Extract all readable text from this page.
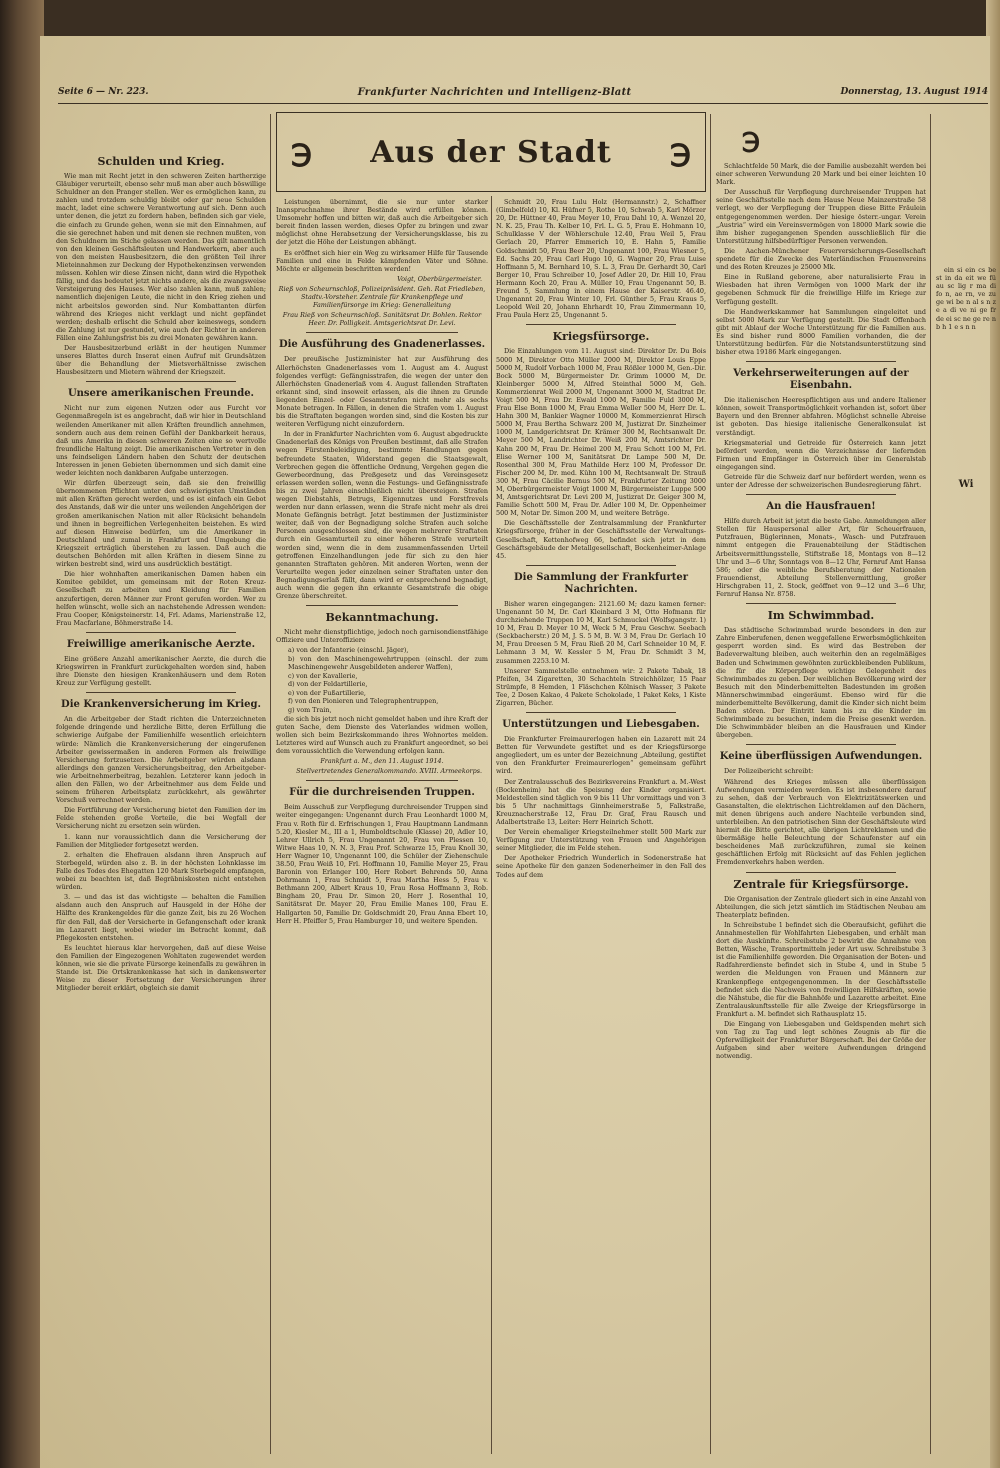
Seite 6 — Nr. 223.	Frankfurter Nachrichten und Intelligenz-Blatt	Donnerstag, 13. August 1914
℈ Aus der Stadt ℈
Schulden und Krieg.

Wie man mit Recht jetzt in den schweren Zeiten hartherzige Gläubiger verurteilt, ebenso sehr muß man aber auch böswillige Schuldner an den Pranger stellen. Wer es ermöglichen kann, zu zahlen und trotzdem schuldig bleibt oder gar neue Schulden macht, ladet eine schwere Verantwortung auf sich. Denn auch unter denen, die jetzt zu fordern haben, befinden sich gar viele, die einfach zu Grunde gehen, wenn sie mit den Einnahmen, auf die sie gerechnet haben und mit denen sie rechnen mußten, von den Schuldnern im Stiche gelassen werden. Das gilt namentlich von den kleinen Geschäftsleuten und Handwerkern, aber auch von den meisten Hausbesitzern, die den größten Teil ihrer Mieteinnahmen zur Deckung der Hypothekenzinsen verwenden müssen. Kohlen wir diese Zinsen nicht, dann wird die Hypothek fällig, und das bedeutet jetzt nichts andere, als die zwangsweise Versteigerung des Hauses. Wer also zahlen kann, muß zahlen; namentlich diejenigen Leute, die nicht in den Krieg ziehen und nicht arbeitslos geworden sind. Nur Kombattanten dürfen während des Krieges nicht verklagt und nicht gepfändet werden; deshalb erlischt die Schuld aber keineswegs, sondern die Zahlung ist nur gestundet, wie auch der Richter in anderen Fällen eine Zahlungsfrist bis zu drei Monaten gewähren kann.

Der Hausbesitzerbund erläßt in der heutigen Nummer unseres Blattes durch Inserat einen Aufruf mit Grundsätzen über die Behandlung der Mietsverhältnisse zwischen Hausbesitzern und Mietern während der Kriegszeit.

Unsere amerikanischen Freunde.

Nicht nur zum eigenen Nutzen oder aus Furcht vor Gegenmaßregeln ist es angebracht, daß wir hier in Deutschland weilenden Amerikaner mit allen Kräften freundlich annehmen, sondern auch aus dem reinen Gefühl der Dankbarkeit heraus, daß uns Amerika in diesen schweren Zeiten eine so wertvolle freundliche Haltung zeigt. Die amerikanischen Vertreter in den uns feindseligen Ländern haben den Schutz der deutschen Interessen in jenen Gebieten übernommen und sich damit eine weder leichten noch dankbaren Aufgabe unterzogen.

Wir dürfen überzeugt sein, daß sie den freiwillig übernommenen Pflichten unter den schwierigsten Umständen mit allen Kräften gerecht werden, und es ist einfach ein Gebot des Anstands, daß wir die unter uns weilenden Angehörigen der großen amerikanischen Nation mit aller Rücksicht behandeln und ihnen in begreiflichen Verlegenheiten beistehen. Es wird auf diesen Hinweise bedürfen, um die Amerikaner in Deutschland und zumal in Frankfurt und Umgebung die Kriegszeit erträglich überstehen zu lassen. Daß auch die deutschen Behörden mit allen Kräften in diesem Sinne zu wirken bestrebt sind, wird uns ausdrücklich bestätigt.

Die hier wohnhaften amerikanischen Damen haben ein Komitee gebildet, um gemeinsam mit der Roten Kreuz-Gesellschaft zu arbeiten und Kleidung für Familien anzufertigen, deren Männer zur Front gerufen worden. Wer zu helfen wünscht, wolle sich an nachstehende Adressen wenden: Frau Cooper, Königsteinerstr. 14, Frl. Adams, Marienstraße 12, Frau Macfarlane, Böhmerstraße 14.

Freiwillige amerikanische Aerzte.

Eine größere Anzahl amerikanischer Aerzte, die durch die Kriegswirren in Frankfurt zurückgehalten worden sind, haben ihre Dienste den hiesigen Krankenhäusern und dem Roten Kreuz zur Verfügung gestellt.

Die Krankenversicherung im Krieg.

An die Arbeitgeber der Stadt richten die Unterzeichneten folgende dringende und herzliche Bitte, deren Erfüllung die schwierige Aufgabe der Familienhilfe wesentlich erleichtern würde: Nämlich die Krankenversicherung der eingerufenen Arbeiter gewissermaßen in anderen Formen als freiwillige Versicherung fortzusetzen. Die Arbeitgeber würden alsdann allerdings den ganzen Versicherungsbeitrag, den Arbeitgeber- wie Arbeitnehmerbeitrag, bezahlen. Letzterer kann jedoch in allen den Fällen, wo der Arbeitnehmer aus dem Felde und seinem früheren Arbeitsplatz zurückkehrt, als gewährter Vorschuß verrechnet werden.

Die Fortführung der Versicherung bietet den Familien der im Felde stehenden große Vorteile, die bei Wegfall der Versicherung nicht zu ersetzen sein würden.

1. kann nur voraussichtlich dann die Versicherung der Familien der Mitglieder fortgesetzt werden.

2. erhalten die Ehefrauen alsdann ihren Anspruch auf Sterbegeld, würden also z. B. in der höchsten Lohnklasse im Falle des Todes des Ehegatten 120 Mark Sterbegeld empfangen, wobei zu beachten ist, daß Begräbniskosten nicht entstehen würden.

3. — und das ist das wichtigste — behalten die Familien alsdann auch den Anspruch auf Hausgeld in der Höhe der Hälfte des Krankengeldes für die ganze Zeit, bis zu 26 Wochen für den Fall, daß der Versicherte in Gefangenschaft oder krank im Lazarett liegt, wobei wieder im Betracht kommt, daß Pflegekosten entstehen.

Es leuchtet hieraus klar hervorgehen, daß auf diese Weise den Familien der Eingezogenen Wohltaten zugewendet werden können, wie sie die private Fürsorge keinenfalls zu gewähren in Stande ist. Die Ortskrankenkasse hat sich in dankenswerter Weise zu dieser Fortsetzung der Versicherungen ihrer Mitglieder bereit erklärt, obgleich sie damit

Leistungen übernimmt, die sie nur unter starker Inanspruchnahme ihrer Bestände wird erfüllen können. Umsomehr hoffen und bitten wir, daß auch die Arbeitgeber sich bereit finden lassen werden, dieses Opfer zu bringen und zwar möglichst ohne Herabsetzung der Versicherungsklasse, bis zu der jetzt die Höhe der Leistungen abhängt.

Es eröffnet sich hier ein Weg zu wirksamer Hilfe für Tausende Familien und eine in Felde kämpfenden Väter und Söhne. Möchte er allgemein beschritten werden!

Voigt, Oberbürgermeister.
Rieß von Scheurnschloß, Polizeipräsident. Geh. Rat Friedleben, Stadtv.-Vorsteher. Zentrale für Krankenpflege und Familienfürsorge im Krieg: Generalleitung
Frau Rieß von Scheurnschloß. Sanitätsrat Dr. Bohlen. Rektor Heer. Dr. Polligkeit. Amtsgerichtsrat Dr. Levi.
Die Ausführung des Gnadenerlasses.

Der preußische Justizminister hat zur Ausführung des Allerhöchsten Gnadenerlasses vom 1. August am 4. August folgendes verfügt: Gefängnisstrafen, die wegen der unter den Allerhöchsten Gnadenerlaß vom 4. August fallenden Straftaten erkannt sind, sind insoweit erlassen, als die ihnen zu Grunde liegenden Einzel- oder Gesamtstrafen nicht mehr als sechs Monate betragen. In Fällen, in denen die Strafen vom 1. August bis die Straftaten begangen worden sind, sind die Kosten bis zur weiteren Verfügung nicht einzufordern.

In der in Frankfurter Nachrichten vom 6. August abgedruckte Gnadenerlaß des Königs von Preußen bestimmt, daß alle Strafen wegen Fürstenbeleidigung, bestimmte Handlungen gegen befreundete Staaten, Widerstand gegen die Staatsgewalt, Verbrechen gegen die öffentliche Ordnung, Vergehen gegen die Gewerbeordnung, das Preßgesetz und das Vereinsgesetz erlassen werden sollen, wenn die Festungs- und Gefängnisstrafe bis zu zwei Jahren einschließlich nicht übersteigen. Strafen wegen Diebstahls, Betrugs, Eigennutzes und Forstfrevels werden nur dann erlassen, wenn die Strafe nicht mehr als drei Monate Gefängnis beträgt. Jetzt bestimmen der Justizminister weiter, daß von der Begnadigung solche Strafen auch solche Personen ausgeschlossen sind, die wegen mehrerer Straftaten durch ein Gesamturteil zu einer höheren Strafe verurteilt worden sind, wenn die in dem zusammenfassenden Urteil getroffenen Einzelhandlungen jede für sich zu den hier genannten Straftaten gehören. Mit anderen Worten, wenn der Verurteilte wegen jeder einzelnen seiner Straftaten unter den Begnadigungserlaß fällt, dann wird er entsprechend begnadigt, auch wenn die gegen ihn erkannte Gesamtstrafe die obige Grenze überschreitet.

Bekanntmachung.

Nicht mehr dienstpflichtige, jedoch noch garnisondienstfähige Offiziere und Unteroffiziere

a) von der Infanterie (einschl. Jäger),
b) von den Maschinengewehrtruppen (einschl. der zum Maschinengewehr Ausgebildeten anderer Waffen),
c) von der Kavallerie,
d) von der Feldartillerie,
e) von der Fußartillerie,
f) von den Pionieren und Telegraphentruppen,
g) vom Train,

die sich bis jetzt noch nicht gemeldet haben und ihre Kraft der guten Sache, dem Dienste des Vaterlandes widmen wollen, wollen sich beim Bezirkskommando ihres Wohnortes melden. Letzteres wird auf Wunsch auch zu Frankfurt angeordnet, so bei dem voraussichtlich die Verwendung erfolgen kann.

Frankfurt a. M., den 11. August 1914.
Stellvertretendes Generalkommando. XVIII. Armeekorps.
Für die durchreisenden Truppen.

Beim Ausschuß zur Verpflegung durchreisender Truppen sind weiter eingegangen: Ungenannt durch Frau Leonhardt 1000 M, Frau v. Roth für d. Erfrischungen 1, Frau Hauptmann Landmann 5.20, Kiesler M., III a 1, Humboldtschule (Klasse) 20, Adler 10, Lehrer Ullrich 5, Frau Ungenannt 20, Frau von Plessen 10, Witwe Haas 10, N. N. 3, Frau Prof. Schwarze 15, Frau Knoll 30, Herr Wagner 10, Ungenannt 100, die Schüler der Ziehenschule 38.50, Frau Weiß 10, Frl. Hoffmann 10, Familie Meyer 25, Frau Baronin von Erlanger 100, Herr Robert Behrends 50, Anna Dohrmann 1, Frau Schmidt 5, Frau Martha Hess 5, Frau v. Bethmann 200, Albert Kraus 10, Frau Rosa Hoffmann 3, Rob. Bingham 20, Frau Dr. Simon 20, Herr J. Rosenthal 10, Sanitätsrat Dr. Mayer 20, Frau Emilie Manes 100, Frau E. Hallgarten 50, Familie Dr. Goldschmidt 20, Frau Anna Ebert 10, Herr H. Pfeiffer 5, Frau Hamburger 10, und weitere Spenden.

Schmidt 20, Frau Lulu Holz (Hermannstr.) 2, Schaffner (Gimbelfeld) 10, Kl. Hüfner 5, Rothe 10, Schwab 5, Karl Mörzer 20, Dr. Hüttner 40, Frau Meyer 10, Frau Dahl 10, A. Wenzel 20, N. K. 25, Frau Th. Kelber 10, Frl. L. G. 5, Frau E. Hohmann 10, Schulklasse V der Wöhlerschule 12.40, Frau Weil 5, Frau Gerlach 20, Pfarrer Emmerich 10, E. Hahn 5, Familie Goldschmidt 50, Frau Beer 20, Ungenannt 100, Frau Wiesner 5, Ed. Sachs 20, Frau Carl Hugo 10, G. Wagner 20, Frau Luise Hoffmann 5, M. Bernhard 10, S. L. 3, Frau Dr. Gerhardt 30, Carl Berger 10, Frau Schreiber 10, Josef Adler 20, Dr. Hill 10, Frau Hermann Koch 20, Frau A. Müller 10, Frau Ungenannt 50, B. Freund 5, Sammlung in einem Hause der Kaiserstr. 46.40, Ungenannt 20, Frau Winter 10, Frl. Günther 5, Frau Kraus 5, Leopold Weil 20, Johann Ehrhardt 10, Frau Zimmermann 10, Frau Paula Herz 25, Ungenannt 5.

Kriegsfürsorge.

Die Einzahlungen vom 11. August sind: Direktor Dr. Du Bois 5000 M, Direktor Otto Müller 2000 M, Direktor Louis Eppe 5000 M, Rudolf Vorbach 1000 M, Frau Rößler 1000 M, Gen.-Dir. Bock 5000 M, Bürgermeister Dr. Grimm 10000 M, Dr. Kleinberger 5000 M, Alfred Steinthal 5000 M, Geh. Kommerzienrat Weil 2000 M, Ungenannt 3000 M, Stadtrat Dr. Voigt 500 M, Frau Dr. Ewald 1000 M, Familie Fuld 3000 M, Frau Else Bonn 1000 M, Frau Emma Weller 500 M, Herr Dr. L. Hahn 300 M, Bankier Wagner 10000 M, Kommerzienrat Hirsch 5000 M, Frau Bertha Schwarz 200 M, Justizrat Dr. Sinzheimer 1000 M, Landgerichtsrat Dr. Krämer 300 M, Rechtsanwalt Dr. Meyer 500 M, Landrichter Dr. Weiß 200 M, Amtsrichter Dr. Kahn 200 M, Frau Dr. Heimel 200 M, Frau Schott 100 M, Frl. Elise Werner 100 M, Sanitätsrat Dr. Lampe 500 M, Dr. Rosenthal 300 M, Frau Mathilde Herz 100 M, Professor Dr. Fischer 200 M, Dr. med. Kühn 100 M, Rechtsanwalt Dr. Strauß 300 M, Frau Cäcilie Bernus 500 M, Frankfurter Zeitung 3000 M, Oberbürgermeister Voigt 1000 M, Bürgermeister Luppe 500 M, Amtsgerichtsrat Dr. Levi 200 M, Justizrat Dr. Geiger 300 M, Familie Schott 500 M, Frau Dr. Adler 100 M, Dr. Oppenheimer 500 M, Notar Dr. Simon 200 M, und weitere Beträge.

Die Geschäftsstelle der Zentralsammlung der Frankfurter Kriegsfürsorge, früher in der Geschäftsstelle der Verwaltungs-Gesellschaft, Kettenhofweg 66, befindet sich jetzt in dem Geschäftsgebäude der Metallgesellschaft, Bockenheimer-Anlage 45.

Die Sammlung der Frankfurter Nachrichten.

Bisher waren eingegangen: 2121.60 M; dazu kamen ferner: Ungenannt 50 M, Dr. Carl Kleinbard 3 M, Otto Hofmann für durchziehende Truppen 10 M, Karl Schmuckel (Wolfsgangstr. 1) 10 M, Frau D. Meyer 10 M, Weck 5 M, Frau Geschw. Seebach (Seckbacherstr.) 20 M, J. S. 5 M, B. W. 3 M, Frau Dr. Gerlach 10 M, Frau Dreesen 5 M, Frau Rieß 20 M, Carl Schneider 10 M, F. Lehmann 3 M, W. Kessler 5 M, Frau Dr. Schmidt 3 M, zusammen 2253.10 M.

Unserer Sammelstelle entnehmen wir: 2 Pakete Tabak, 18 Pfeifen, 34 Zigaretten, 30 Schachteln Streichhölzer, 15 Paar Strümpfe, 8 Hemden, 1 Fläschchen Kölnisch Wasser, 3 Pakete Tee, 2 Dosen Kakao, 4 Pakete Schokolade, 1 Paket Keks, 1 Kiste Zigarren, Bücher.

Unterstützungen und Liebesgaben.

Die Frankfurter Freimaurerlogen haben ein Lazarett mit 24 Betten für Verwundete gestiftet und es der Kriegsfürsorge angegliedert, um es unter der Bezeichnung „Abteilung, gestiftet von den Frankfurter Freimaurerlogen“ gemeinsam geführt wird.

Der Zentralausschuß des Bezirksvereins Frankfurt a. M.-West (Bockenheim) hat die Speisung der Kinder organisiert. Meldestellen sind täglich von 9 bis 11 Uhr vormittags und von 3 bis 5 Uhr nachmittags Ginnheimerstraße 5, Falkstraße, Kreuznacherstraße 12, Frau Dr. Graf, Frau Rausch und Adalbertstraße 13, Leiter: Herr Heinrich Schott.

Der Verein ehemaliger Kriegsteilnehmer stellt 500 Mark zur Verfügung zur Unterstützung von Frauen und Angehörigen seiner Mitglieder, die im Felde stehen.

Der Apotheker Friedrich Wunderlich in Sodenerstraße hat seine Apotheke für den ganzen Sodenerheimer in den Fall des Todes auf dem

Schlachtfelde 50 Mark, die der Familie ausbezahlt werden bei einer schweren Verwundung 20 Mark und bei einer leichten 10 Mark.

Der Ausschuß für Verpflegung durchreisender Truppen hat seine Geschäftsstelle nach dem Hause Neue Mainzerstraße 58 verlegt, wo der Verpflegung der Truppen diese Bitte Fräulein entgegengenommen werden. Der hiesige österr.-ungar. Verein „Austria“ wird ein Vereinsvermögen von 18000 Mark sowie die ihm bisher zugegangenen Spenden ausschließlich für die Unterstützung hilfsbedürftiger Personen verwenden.

Die Aachen-Münchener Feuerversicherungs-Gesellschaft spendete für die Zwecke des Vaterländischen Frauenvereins und des Roten Kreuzes je 25000 Mk.

Eine in Rußland geborene, aber naturalisierte Frau in Wiesbaden hat ihren Vermögen von 1000 Mark der ihr gegebenen Schmuck für die freiwillige Hilfe im Kriege zur Verfügung gestellt.

Die Handwerkskammer hat Sammlungen eingeleitet und selbst 5000 Mark zur Verfügung gestellt. Die Stadt Offenbach gibt mit Ablauf der Woche Unterstützung für die Familien aus. Es sind bisher rund 8000 Familien vorhanden, die der Unterstützung bedürfen. Für die Notstandsunterstützung sind bisher etwa 19186 Mark eingegangen.

Verkehrserweiterungen auf der Eisenbahn.

Die italienischen Heerespflichtigen aus und andere Italiener können, soweit Transportmöglichkeit vorhanden ist, sofort über Bayern und den Brenner abfahren. Möglichst schnelle Abreise ist geboten. Das hiesige italienische Generalkonsulat ist verständigt.

Kriegsmaterial und Getreide für Österreich kann jetzt befördert werden, wenn die Verzeichnisse der liefernden Firmen und Empfänger in Österreich über im Generalstab eingegangen sind.

Getreide für die Schweiz darf nur befördert werden, wenn es unter der Adresse der schweizerischen Bundesregierung fährt.

An die Hausfrauen!

Hilfe durch Arbeit ist jetzt die beste Gabe. Anmeldungen aller Stellen für Hauspersonal aller Art, für Scheuerfrauen, Putzfrauen, Büglerinnen, Monats-, Wasch- und Putzfrauen nimmt entgegen die Frauenabteilung der Städtischen Arbeitsvermittlungsstelle, Stiftstraße 18, Montags von 8—12 Uhr und 3—6 Uhr, Sonntags von 8—12 Uhr, Fernruf Amt Hansa 586; oder die weibliche Berufsberatung der Nationalen Frauendienst, Abteilung Stellenvermittlung, großer Hirschgraben 11, 2. Stock, geöffnet von 9—12 und 3—6 Uhr, Fernruf Hansa Nr. 8758.

Im Schwimmbad.

Das städtische Schwimmbad wurde besonders in den zur Zahre Einberufenen, denen weggefallene Erwerbsmöglichkeiten gesperrt worden sind. Es wird das Bestreben der Badeverwaltung bleiben, auch weiterhin den an regelmäßiges Baden und Schwimmen gewöhnten zurückbleibenden Publikum, die für die Körperpflege wichtige Gelegenheit des Schwimmbades zu geben. Der weiblichen Bevölkerung wird der Besuch mit den Minderbemittelten Badestunden im großen Männerschwimmbad eingeräumt. Ebenso wird für die minderbemittelte Bevölkerung, damit die Kinder sich nicht beim Baden stören. Der Eintritt kann bis zu die Kinder im Schwimmbade zu besuchen, indem die Preise gesenkt werden. Die Schwimmbäder bleiben an die Hausfrauen und Kinder übergeben.

Keine überflüssigen Aufwendungen.

Der Polizeibericht schreibt:

Während des Krieges müssen alle überflüssigen Aufwendungen vermieden werden. Es ist insbesondere darauf zu sehen, daß der Verbrauch von Elektrizitätswerken und Gasanstalten, die elektrischen Lichtreklamen auf den Dächern, mit denen übrigens auch andere Nachteile verbunden sind, unterbleiben. An den patriotischen Sinn der Geschäftsleute wird hiermit die Bitte gerichtet, alle übrigen Lichtreklamen und die übermäßige helle Beleuchtung der Schaufenster auf ein bescheidenes Maß zurückzuführen, zumal sie keinen geschäftlichen Erfolg mit Rücksicht auf das Fehlen jeglichen Fremdenverkehrs haben werden.

Zentrale für Kriegsfürsorge.

Die Organisation der Zentrale gliedert sich in eine Anzahl von Abteilungen, die sich jetzt sämtlich im Städtischen Neubau am Theaterplatz befinden.

In Schreibstube 1 befindet sich die Oberaufsicht, geführt die Annahmestellen für Wohlfahrten Liebesgaben, und erhält man dort die Auskünfte. Schreibstube 2 bewirkt die Annahme von Betten, Wäsche, Transportmitteln jeder Art usw. Schreibstube 3 ist die Familienhilfe geworden. Die Organisation der Boten- und Radfahrerdienste befindet sich in Stube 4, und in Stube 5 werden die Meldungen von Frauen und Männern zur Krankenpflege entgegengenommen. In der Geschäftsstelle befindet sich die Nachweis von freiwilligen Hilfskräften, sowie die Nähstube, die für die Bahnhöfe und Lazarette arbeitet. Eine Zentralauskunftsstelle für alle Zweige der Kriegsfürsorge in Frankfurt a. M. befindet sich Rathausplatz 15.

Die Eingang von Liebesgaben und Geldspenden mehrt sich von Tag zu Tag und legt schönes Zeugnis ab für die Opferwilligkeit der Frankfurter Bürgerschaft. Bei der Größe der Aufgaben sind aber weitere Aufwendungen dringend notwendig.

℈

ein si ein cs be st in da eit we fü au sc lig r ma di fo n, ae rn, ve zu ge wi be n al s n z e a di ve ni ge fr de ei sc ne ge re n b h 1 e s n n

Wi
